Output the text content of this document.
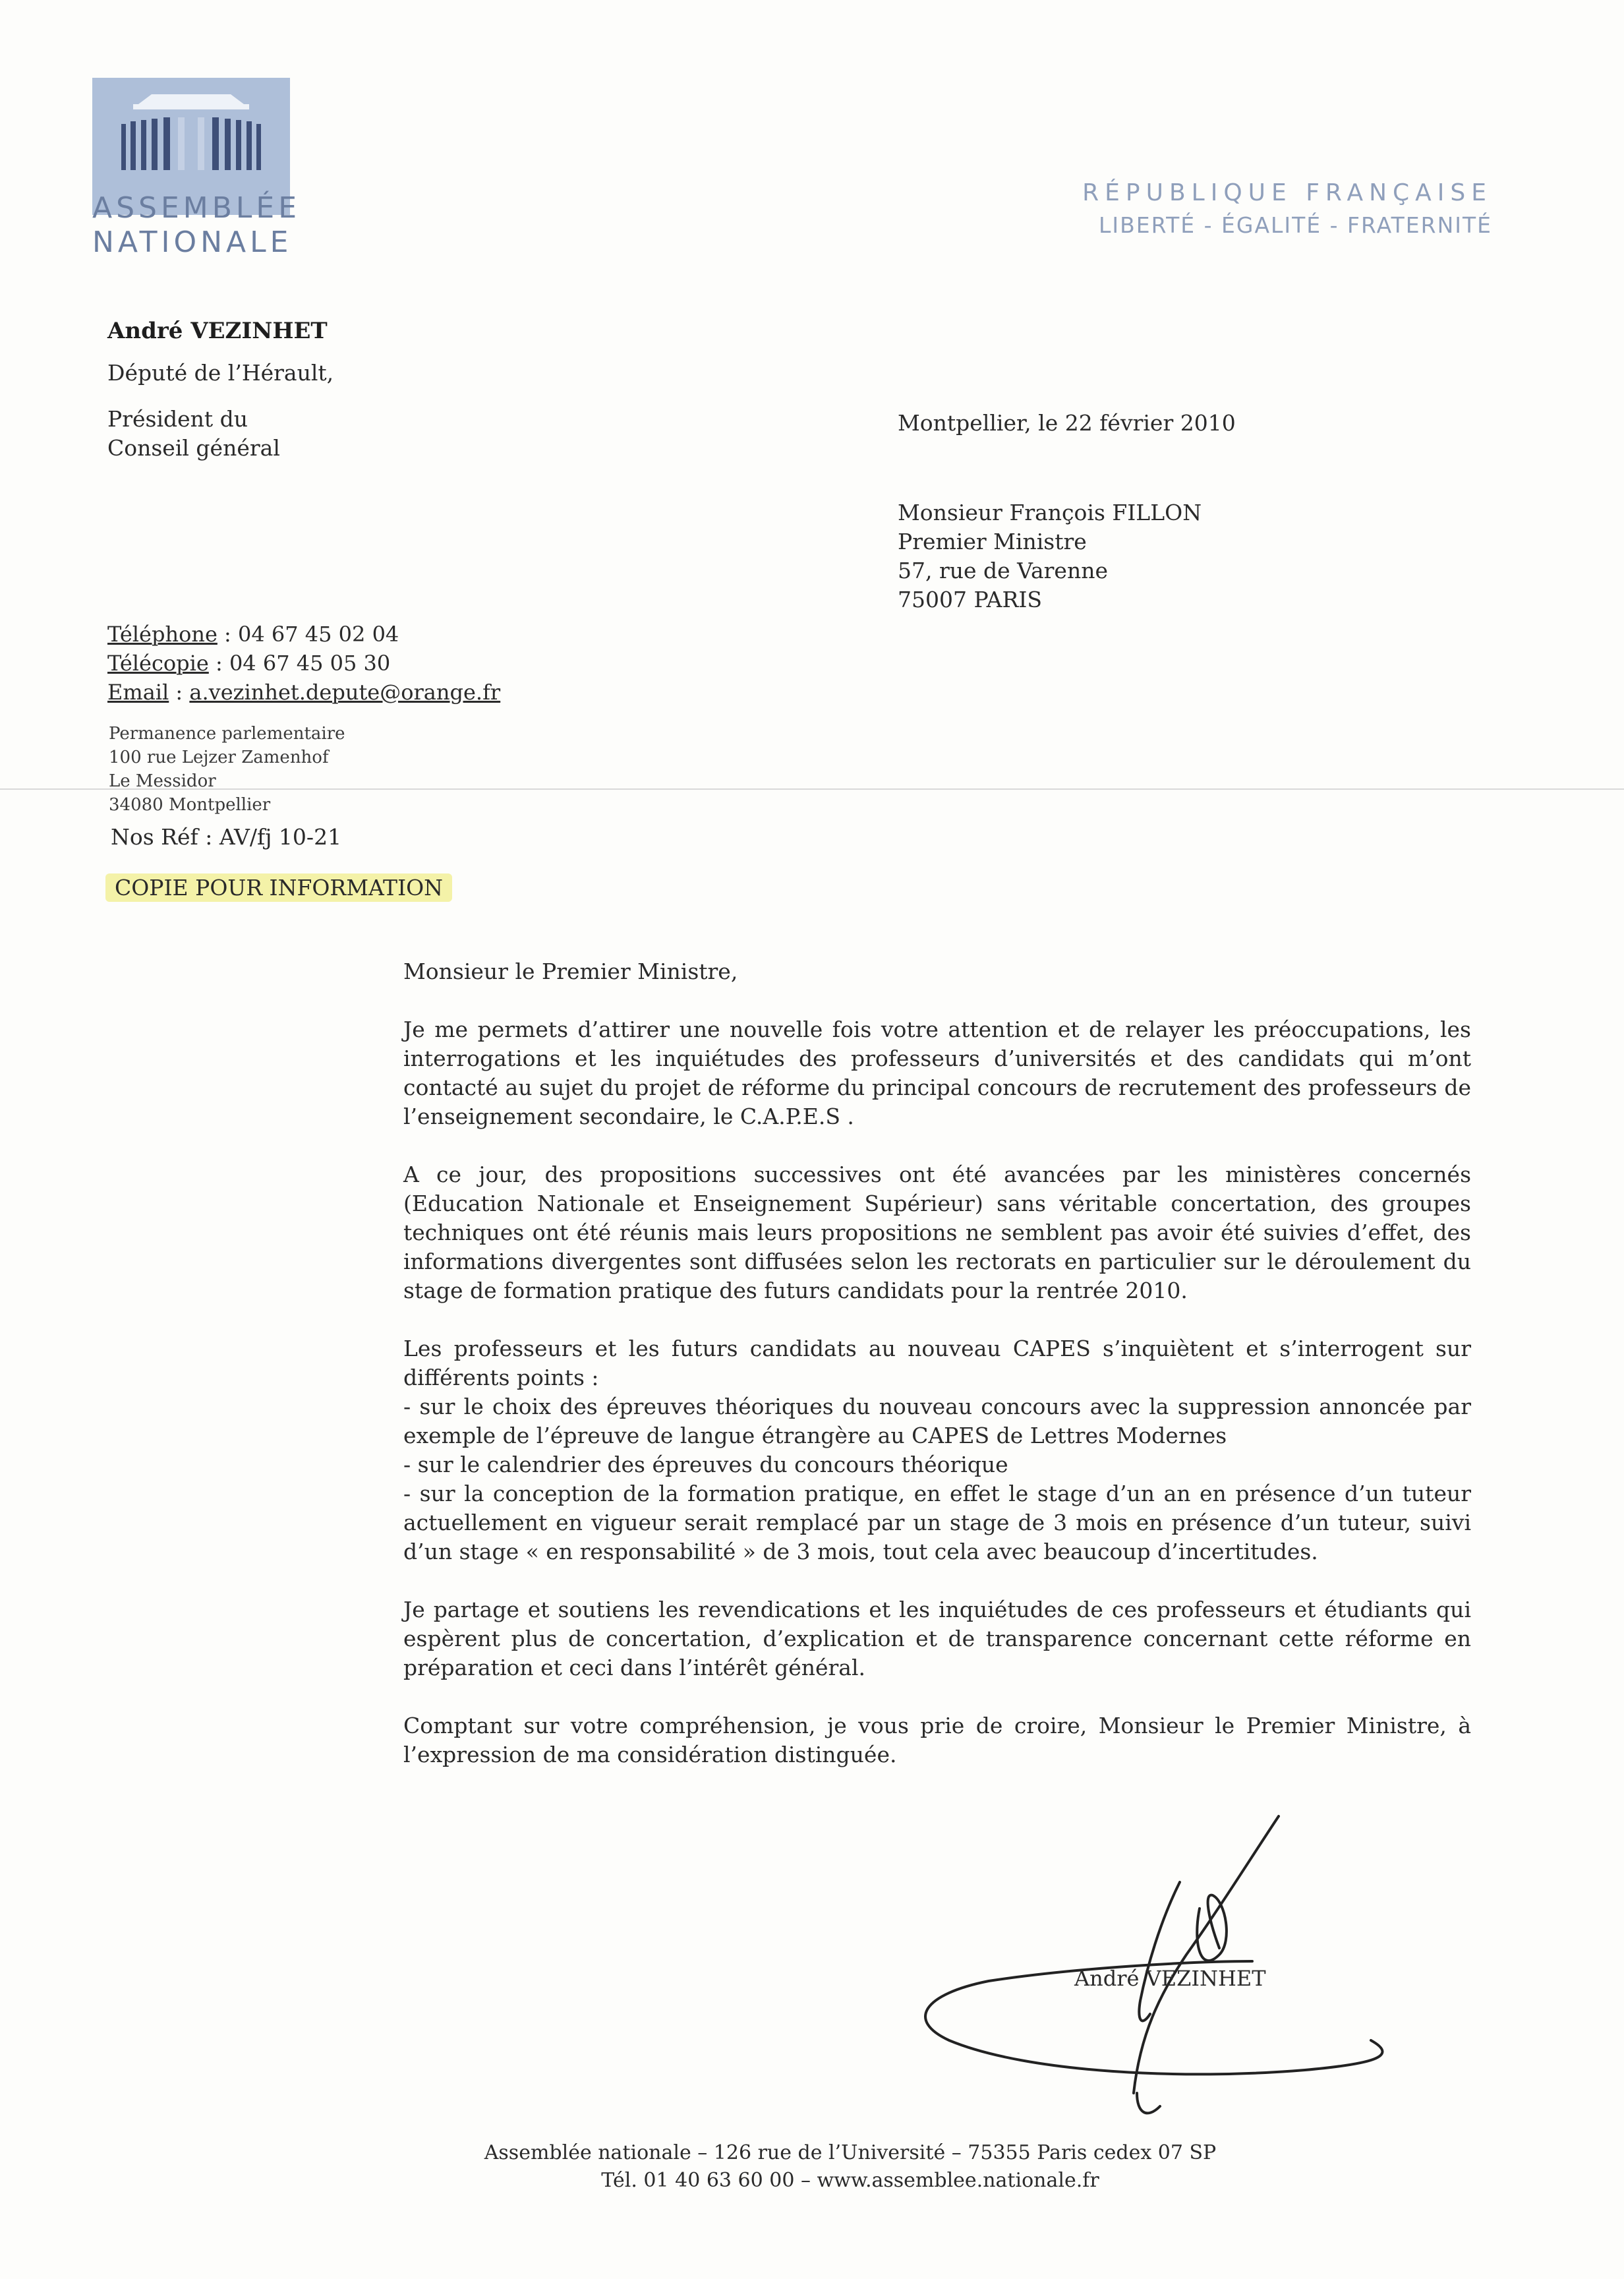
ASSEMBLÉE
NATIONALE
RÉPUBLIQUE FRANÇAISE
LIBERTÉ - ÉGALITÉ - FRATERNITÉ
André VEZINHET
Député de l’Hérault,
Président du
Conseil général
Téléphone : 04 67 45 02 04
Télécopie : 04 67 45 05 30
Email : a.vezinhet.depute@orange.fr
Permanence parlementaire
100 rue Lejzer Zamenhof
Le Messidor
34080 Montpellier
Nos Réf : AV/fj 10-21
COPIE POUR INFORMATION
Montpellier, le 22 février 2010
Monsieur François FILLON
Premier Ministre
57, rue de Varenne
75007 PARIS

Monsieur le Premier Ministre,

Je me permets d’attirer une nouvelle fois votre attention et de relayer les préoccupations, les interrogations et les inquiétudes des professeurs d’universités et des candidats qui m’ont contacté au sujet du projet de réforme du principal concours de recrutement des professeurs de l’enseignement secondaire, le C.A.P.E.S .

A ce jour, des propositions successives ont été avancées par les ministères concernés (Education Nationale et Enseignement Supérieur) sans véritable concertation, des groupes techniques ont été réunis mais leurs propositions ne semblent pas avoir été suivies d’effet, des informations divergentes sont diffusées selon les rectorats en particulier sur le déroulement du stage de formation pratique des futurs candidats pour la rentrée 2010.

Les professeurs et les futurs candidats au nouveau CAPES s’inquiètent et s’interrogent sur différents points :
- sur le choix des épreuves théoriques du nouveau concours avec la suppression annoncée par exemple de l’épreuve de langue étrangère au CAPES de Lettres Modernes
- sur le calendrier des épreuves du concours théorique
- sur la conception de la formation pratique, en effet le stage d’un an en présence d’un tuteur actuellement en vigueur serait remplacé par un stage de 3 mois en présence d’un tuteur, suivi d’un stage « en responsabilité » de 3 mois, tout cela avec beaucoup d’incertitudes.

Je partage et soutiens les revendications et les inquiétudes de ces professeurs et étudiants qui espèrent plus de concertation, d’explication et de transparence concernant cette réforme en préparation et ceci dans l’intérêt général.

Comptant sur votre compréhension, je vous prie de croire, Monsieur le Premier Ministre, à l’expression de ma considération distinguée.

André VEZINHET
Assemblée nationale – 126 rue de l’Université – 75355 Paris cedex 07 SP
Tél. 01 40 63 60 00 – www.assemblee.nationale.fr
